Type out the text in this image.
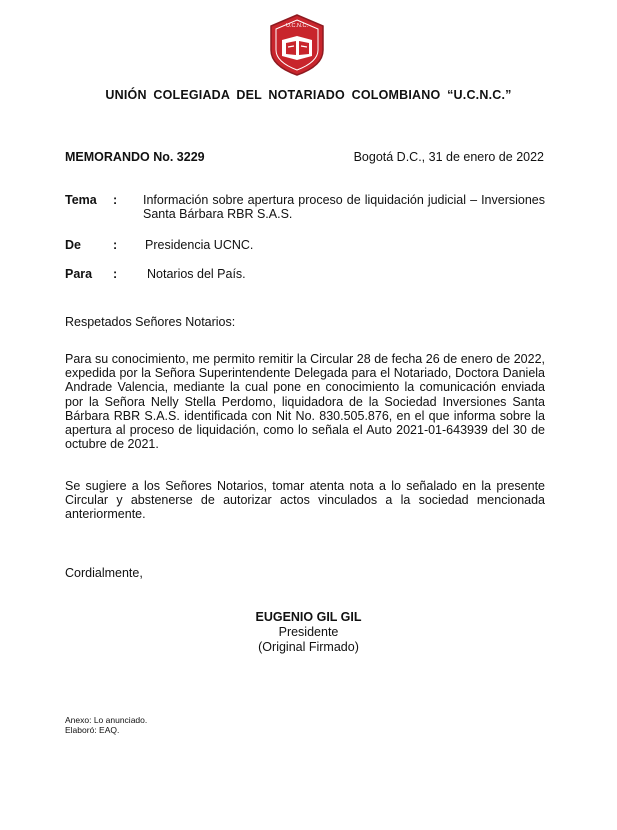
U.C.N.C.
UNIÓN COLEGIADA DEL NOTARIADO COLOMBIANO “U.C.N.C.”
MEMORANDO No. 3229	Bogotá D.C., 31 de enero de 2022
Tema	:	Información sobre apertura proceso de liquidación judicial – Inversiones Santa Bárbara RBR S.A.S.
De	:	Presidencia UCNC.
Para	:	Notarios del País.
Respetados Señores Notarios:
Para su conocimiento, me permito remitir la Circular 28 de fecha 26 de enero de 2022, expedida por la Señora Superintendente Delegada para el Notariado, Doctora Daniela Andrade Valencia, mediante la cual pone en conocimiento la comunicación enviada por la Señora Nelly Stella Perdomo, liquidadora de la Sociedad Inversiones Santa Bárbara RBR S.A.S. identificada con Nit No. 830.505.876, en el que informa sobre la apertura al proceso de liquidación, como lo señala el Auto 2021-01-643939 del 30 de octubre de 2021.
Se sugiere a los Señores Notarios, tomar atenta nota a lo señalado en la presente Circular y abstenerse de autorizar actos vinculados a la sociedad mencionada anteriormente.
Cordialmente,
EUGENIO GIL GIL
Presidente
(Original Firmado)
Anexo: Lo anunciado.
Elaboró: EAQ.
